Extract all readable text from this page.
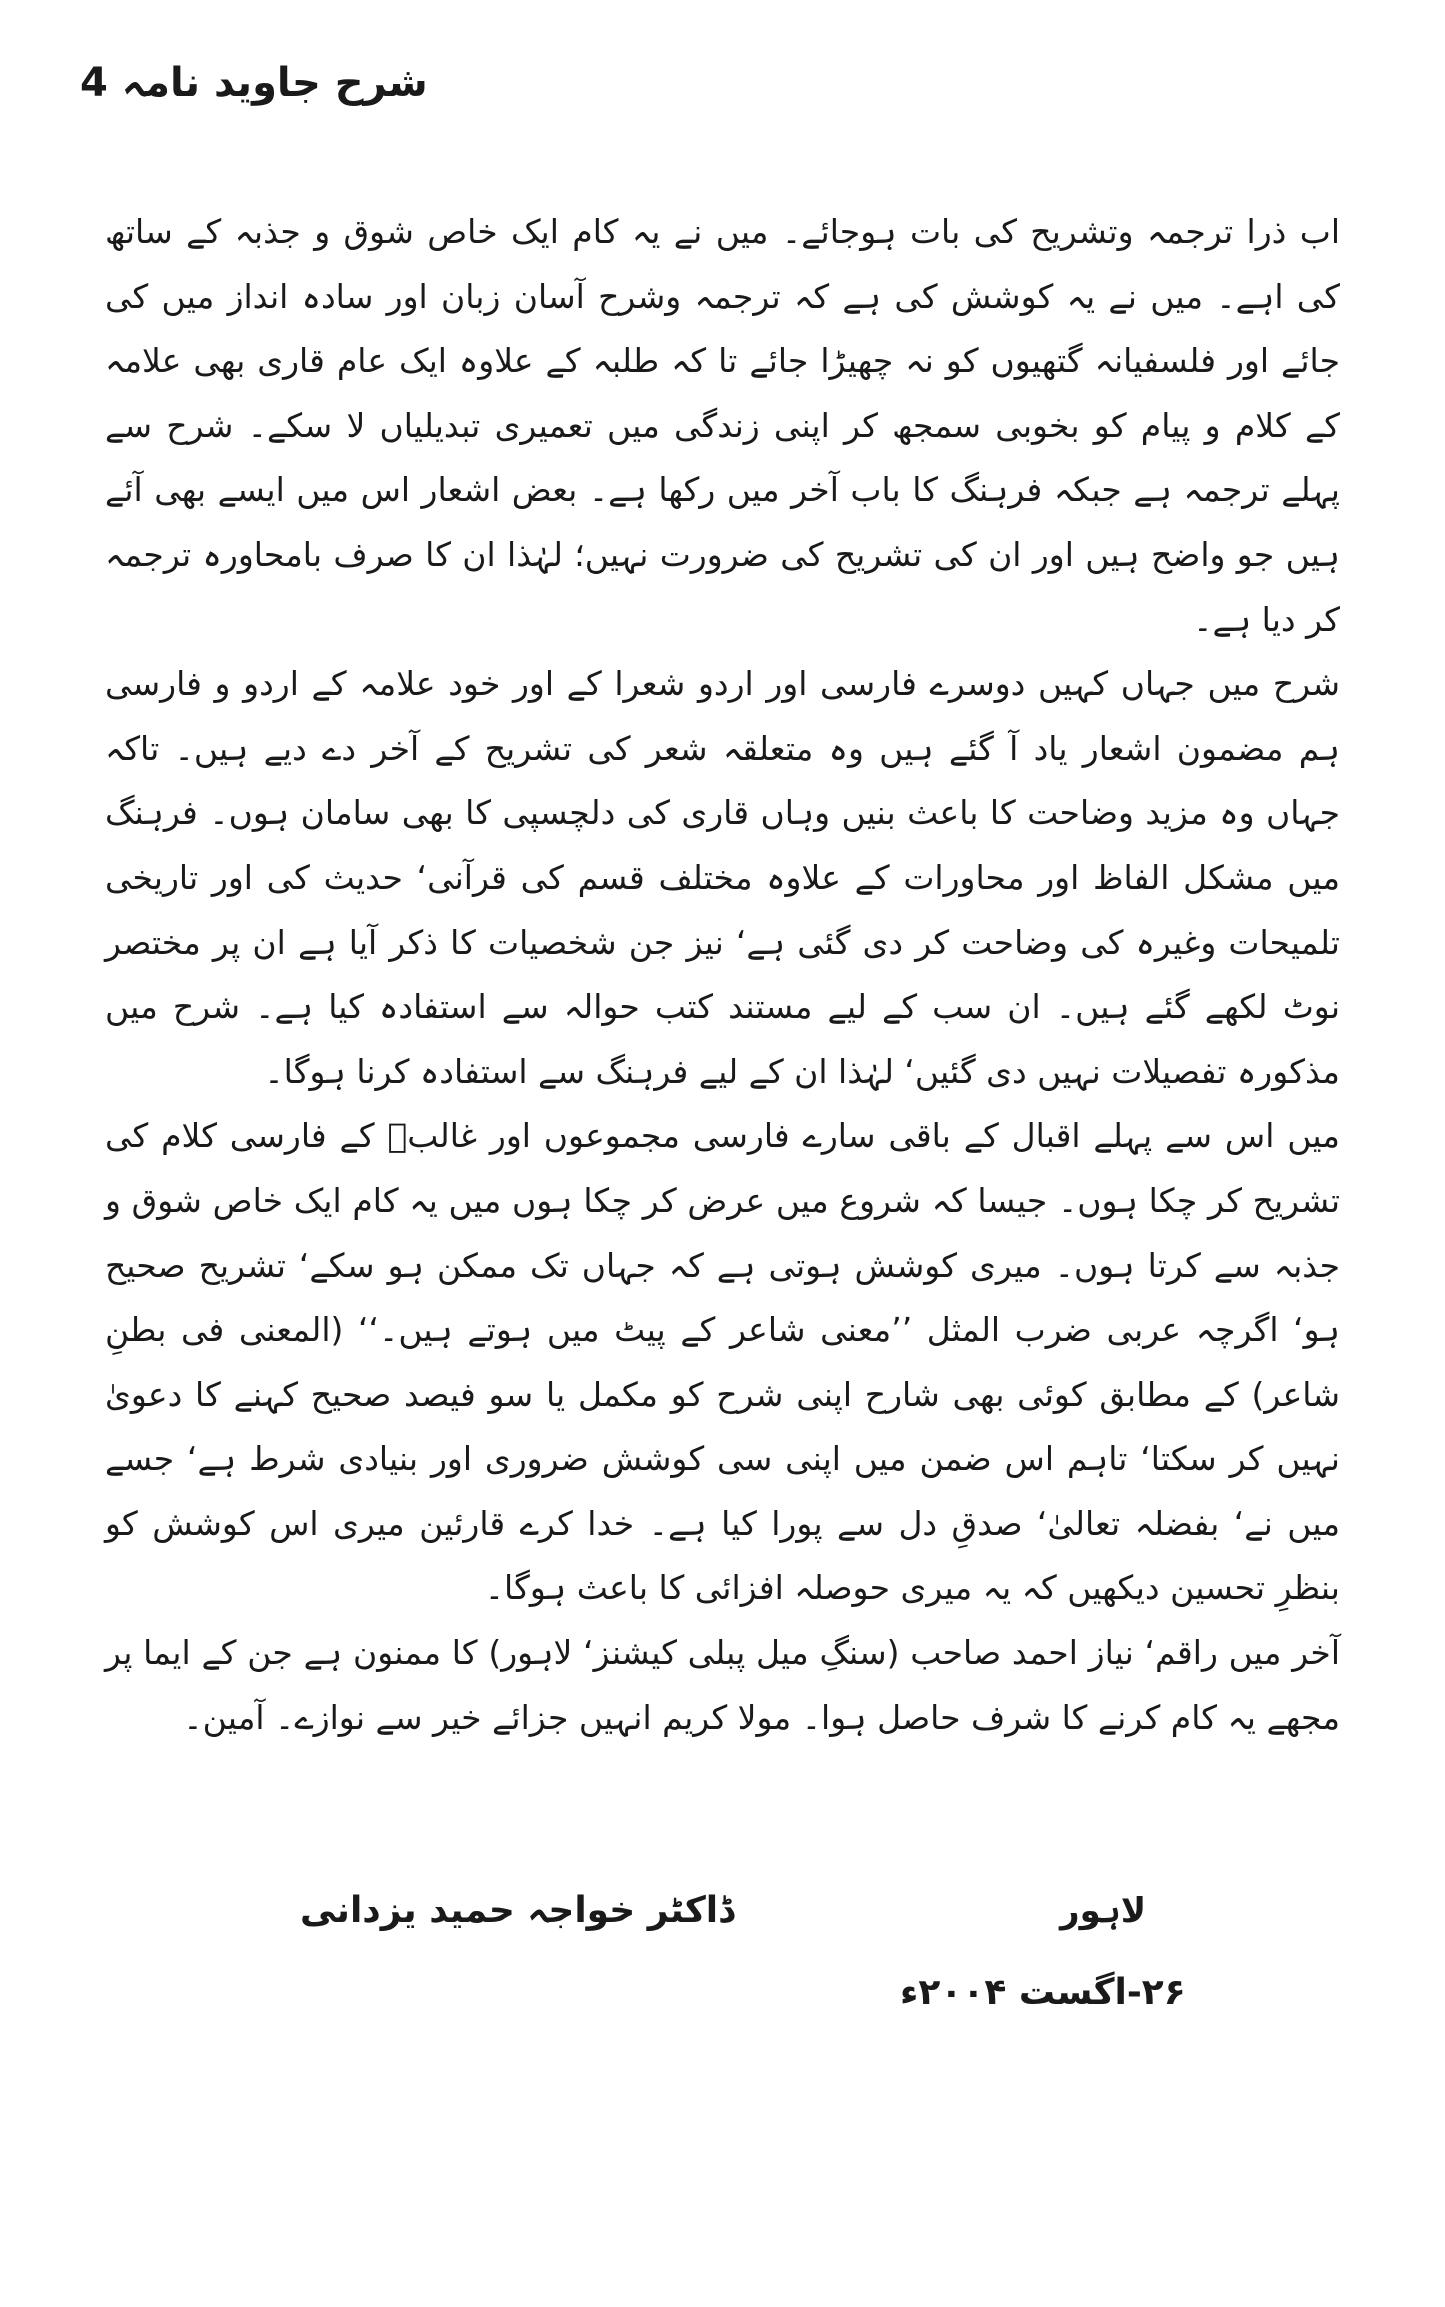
شرح جاوید نامہ 4

اب ذرا ترجمہ وتشریح کی بات ہوجائے۔ میں نے یہ کام ایک خاص شوق و جذبہ کے ساتھ کی اہے۔ میں نے یہ کوشش کی ہے کہ ترجمہ وشرح آسان زبان اور سادہ انداز میں کی جائے اور فلسفیانہ گتھیوں کو نہ چھیڑا جائے تا کہ طلبہ کے علاوہ ایک عام قاری بھی علامہ کے کلام و پیام کو بخوبی سمجھ کر اپنی زندگی میں تعمیری تبدیلیاں لا سکے۔ شرح سے پہلے ترجمہ ہے جبکہ فرہنگ کا باب آخر میں رکھا ہے۔ بعض اشعار اس میں ایسے بھی آئے ہیں جو واضح ہیں اور ان کی تشریح کی ضرورت نہیں؛ لہٰذا ان کا صرف بامحاورہ ترجمہ کر دیا ہے۔

شرح میں جہاں کہیں دوسرے فارسی اور اردو شعرا کے اور خود علامہ کے اردو و فارسی ہم مضمون اشعار یاد آ گئے ہیں وہ متعلقہ شعر کی تشریح کے آخر دے دیے ہیں۔ تاکہ جہاں وہ مزید وضاحت کا باعث بنیں وہاں قاری کی دلچسپی کا بھی سامان ہوں۔ فرہنگ میں مشکل الفاظ اور محاورات کے علاوہ مختلف قسم کی قرآنی‘ حدیث کی اور تاریخی تلمیحات وغیرہ کی وضاحت کر دی گئی ہے‘ نیز جن شخصیات کا ذکر آیا ہے ان پر مختصر نوٹ لکھے گئے ہیں۔ ان سب کے لیے مستند کتب حوالہ سے استفادہ کیا ہے۔ شرح میں مذکورہ تفصیلات نہیں دی گئیں‘ لہٰذا ان کے لیے فرہنگ سے استفادہ کرنا ہوگا۔

میں اس سے پہلے اقبال کے باقی سارے فارسی مجموعوں اور غالبؔ کے فارسی کلام کی تشریح کر چکا ہوں۔ جیسا کہ شروع میں عرض کر چکا ہوں میں یہ کام ایک خاص شوق و جذبہ سے کرتا ہوں۔ میری کوشش ہوتی ہے کہ جہاں تک ممکن ہو سکے‘ تشریح صحیح ہو‘ اگرچہ عربی ضرب المثل ’’معنی شاعر کے پیٹ میں ہوتے ہیں۔‘‘ (المعنی فی بطنِ شاعر) کے مطابق کوئی بھی شارح اپنی شرح کو مکمل یا سو فیصد صحیح کہنے کا دعویٰ نہیں کر سکتا‘ تاہم اس ضمن میں اپنی سی کوشش ضروری اور بنیادی شرط ہے‘ جسے میں نے‘ بفضلہ تعالیٰ‘ صدقِ دل سے پورا کیا ہے۔ خدا کرے قارئین میری اس کوشش کو بنظرِ تحسین دیکھیں کہ یہ میری حوصلہ افزائی کا باعث ہوگا۔

آخر میں راقم‘ نیاز احمد صاحب (سنگِ میل پبلی کیشنز‘ لاہور) کا ممنون ہے جن کے ایما پر مجھے یہ کام کرنے کا شرف حاصل ہوا۔ مولا کریم انہیں جزائے خیر سے نوازے۔ آمین۔

ڈاکٹر خواجہ حمید یزدانی	لاہور
۲۶-اگست ۲۰۰۴ء
